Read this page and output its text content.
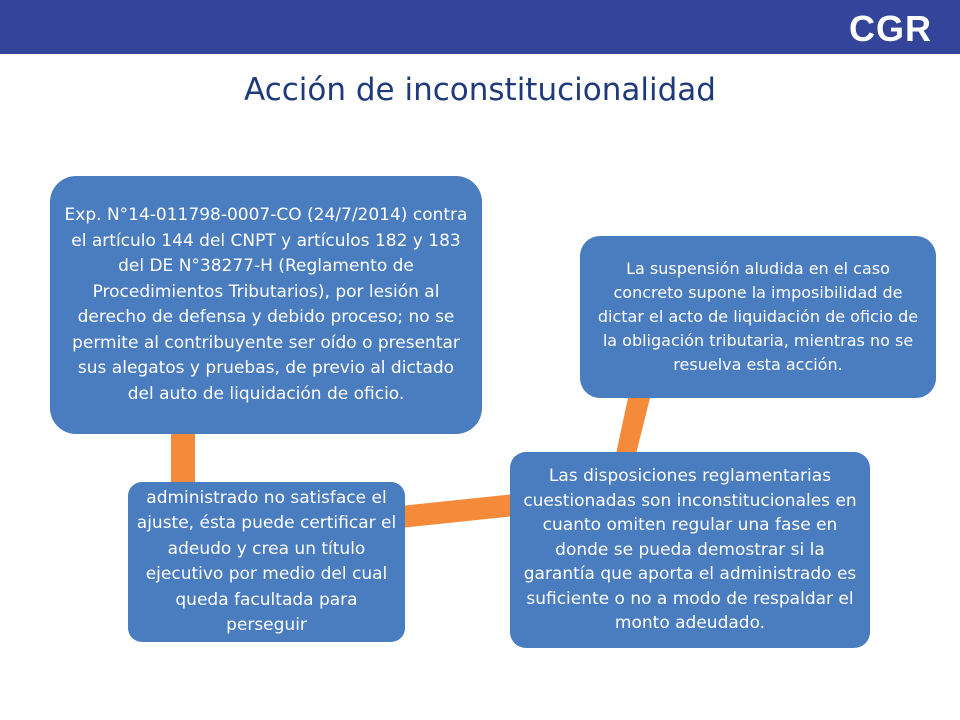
CGR
Acción de inconstitucionalidad
Exp. N°14-011798-0007-CO (24/7/2014) contra el artículo 144 del CNPT y artículos 182 y 183 del DE N°38277-H (Reglamento de Procedimientos Tributarios), por lesión al derecho de defensa y debido proceso; no se permite al contribuyente ser oído o presentar sus alegatos y pruebas, de previo al dictado del auto de liquidación de oficio.
administrado no satisface el ajuste, ésta puede certificar el adeudo y crea un título ejecutivo por medio del cual queda facultada para perseguir
Las disposiciones reglamentarias cuestionadas son inconstitucionales en cuanto omiten regular una fase en donde se pueda demostrar si la garantía que aporta el administrado es suficiente o no a modo de respaldar el monto adeudado.
La suspensión aludida en el caso concreto supone la imposibilidad de dictar el acto de liquidación de oficio de la obligación tributaria, mientras no se resuelva esta acción.
